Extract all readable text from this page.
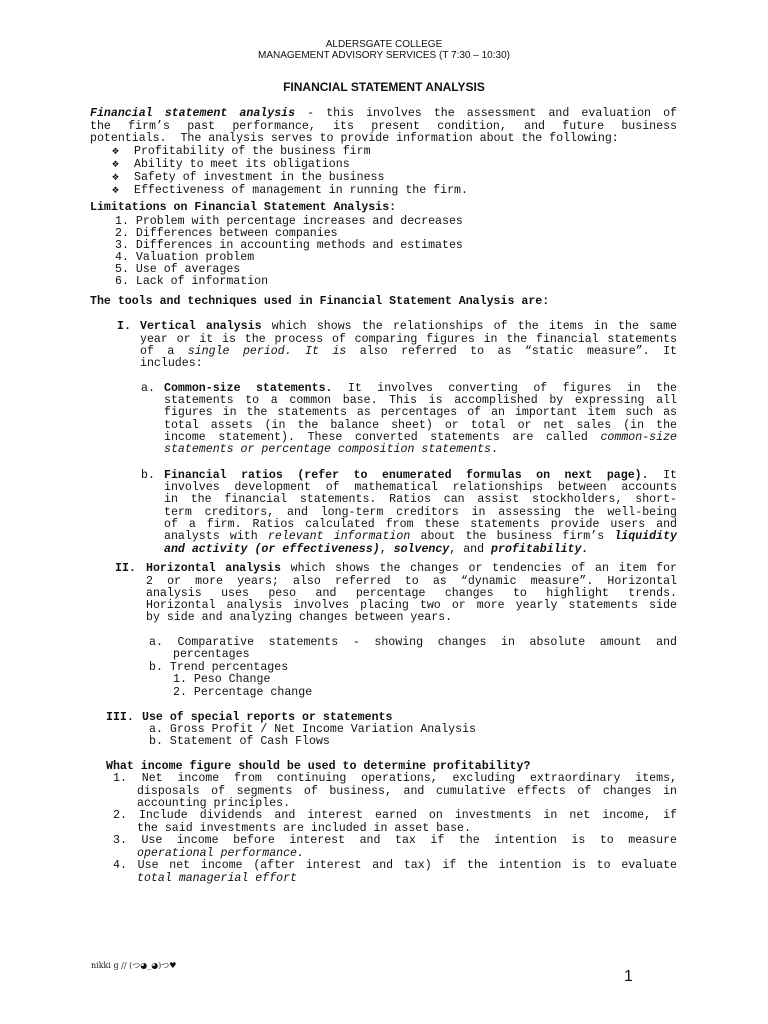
ALDERSGATE COLLEGE
MANAGEMENT ADVISORY SERVICES (T 7:30 – 10:30)
FINANCIAL STATEMENT ANALYSIS
Financial statement analysis - this involves the assessment and evaluation of
the firm’s past performance, its present condition, and future business
potentials.  The analysis serves to provide information about the following:
❖ Profitability of the business firm
❖ Ability to meet its obligations
❖ Safety of investment in the business
❖ Effectiveness of management in running the firm.
Limitations on Financial Statement Analysis:
1. Problem with percentage increases and decreases
2. Differences between companies
3. Differences in accounting methods and estimates
4. Valuation problem
5. Use of averages
6. Lack of information
The tools and techniques used in Financial Statement Analysis are:
I. Vertical analysis which shows the relationships of the items in the same
year or it is the process of comparing figures in the financial statements
of a single period. It is also referred to as “static measure”. It
includes:
a. Common-size statements. It involves converting of figures in the
statements to a common base. This is accomplished by expressing all
figures in the statements as percentages of an important item such as
total assets (in the balance sheet) or total or net sales (in the
income statement). These converted statements are called common-size
statements or percentage composition statements.
b. Financial ratios (refer to enumerated formulas on next page). It
involves development of mathematical relationships between accounts
in the financial statements. Ratios can assist stockholders, short-
term creditors, and long-term creditors in assessing the well-being
of a firm. Ratios calculated from these statements provide users and
analysts with relevant information about the business firm’s liquidity
and activity (or effectiveness), solvency, and profitability.
II. Horizontal analysis which shows the changes or tendencies of an item for
2 or more years; also referred to as “dynamic measure”. Horizontal
analysis uses peso and percentage changes to highlight trends.
Horizontal analysis involves placing two or more yearly statements side
by side and analyzing changes between years.
a. Comparative statements - showing changes in absolute amount and
percentages
b. Trend percentages
1. Peso Change
2. Percentage change
III. Use of special reports or statements
a. Gross Profit / Net Income Variation Analysis
b. Statement of Cash Flows
What income figure should be used to determine profitability?
1. Net income from continuing operations, excluding extraordinary items,
disposals of segments of business, and cumulative effects of changes in
accounting principles.
2. Include dividends and interest earned on investments in net income, if
the said investments are included in asset base.
3. Use income before interest and tax if the intention is to measure
operational performance.
4. Use net income (after interest and tax) if the intention is to evaluate
total managerial effort
nikki g // (つ◕_◕)つ♥
1
